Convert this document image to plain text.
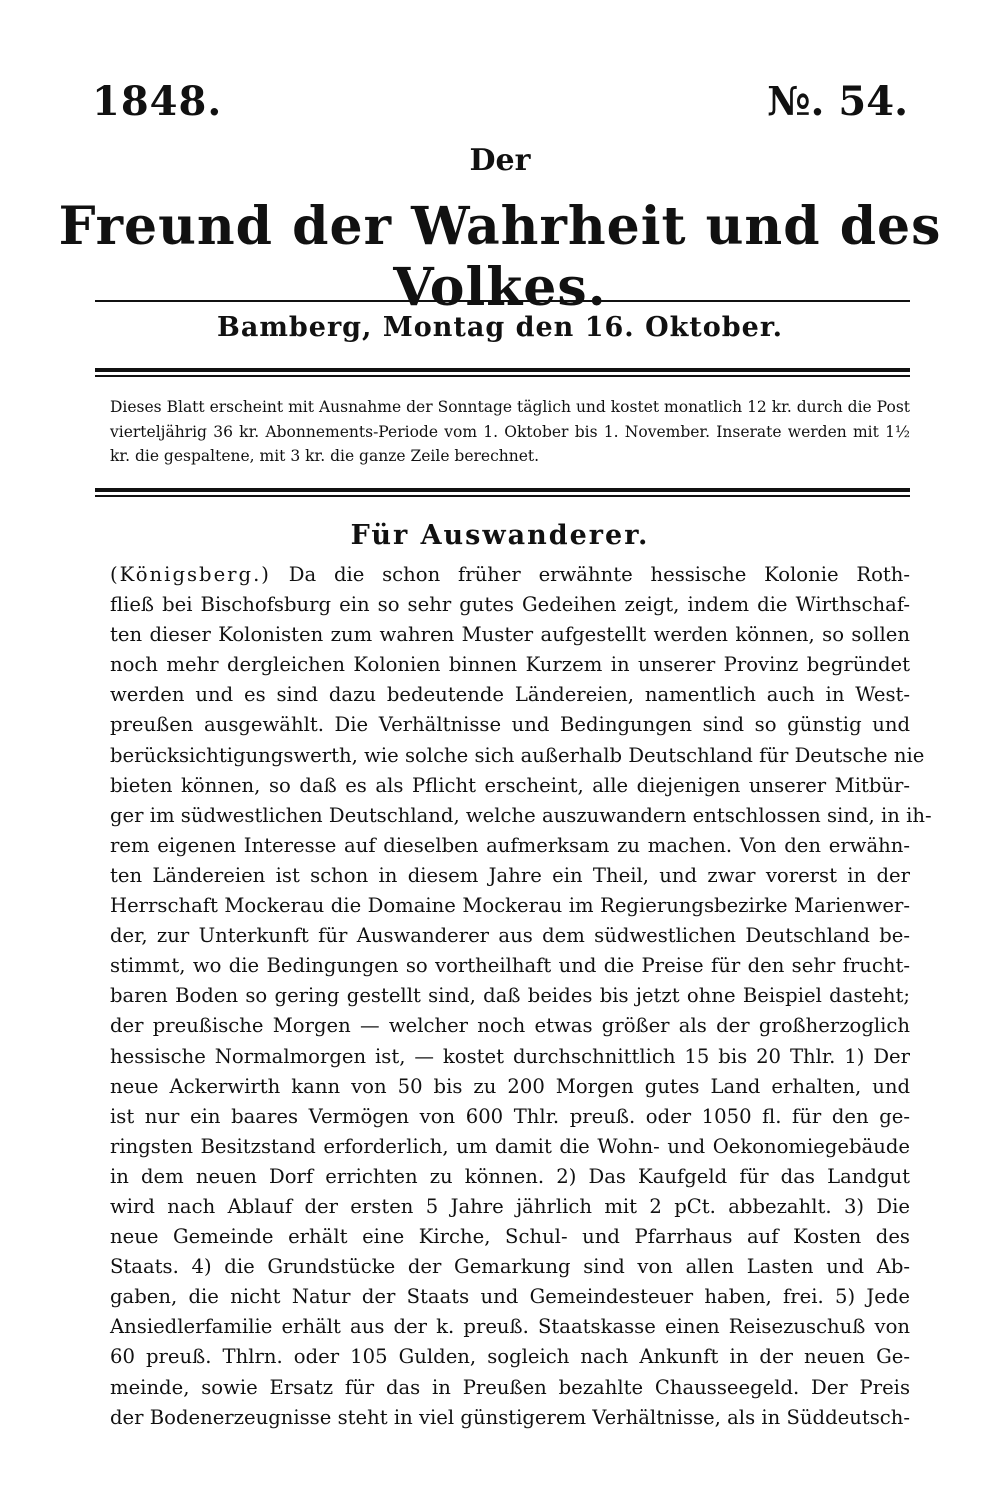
1848.	№. 54.
Der
Freund der Wahrheit und des Volkes.
Bamberg, Montag den 16. Oktober.
Dieses Blatt erscheint mit Ausnahme der Sonntage täglich und kostet monatlich 12 kr. durch die Post vierteljährig 36 kr. Abonnements-Periode vom 1. Oktober bis 1. November. Inserate werden mit 1½ kr. die gespaltene, mit 3 kr. die ganze Zeile berechnet.
Für Auswanderer.

(Königsberg.) Da die schon früher erwähnte hessische Kolonie Roth-

fließ bei Bischofsburg ein so sehr gutes Gedeihen zeigt, indem die Wirthschaf-

ten dieser Kolonisten zum wahren Muster aufgestellt werden können, so sollen

noch mehr dergleichen Kolonien binnen Kurzem in unserer Provinz begründet

werden und es sind dazu bedeutende Ländereien, namentlich auch in West-

preußen ausgewählt. Die Verhältnisse und Bedingungen sind so günstig und

berücksichtigungswerth, wie solche sich außerhalb Deutschland für Deutsche nie

bieten können, so daß es als Pflicht erscheint, alle diejenigen unserer Mitbür-

ger im südwestlichen Deutschland, welche auszuwandern entschlossen sind, in ih-

rem eigenen Interesse auf dieselben aufmerksam zu machen. Von den erwähn-

ten Ländereien ist schon in diesem Jahre ein Theil, und zwar vorerst in der

Herrschaft Mockerau die Domaine Mockerau im Regierungsbezirke Marienwer-

der, zur Unterkunft für Auswanderer aus dem südwestlichen Deutschland be-

stimmt, wo die Bedingungen so vortheilhaft und die Preise für den sehr frucht-

baren Boden so gering gestellt sind, daß beides bis jetzt ohne Beispiel dasteht;

der preußische Morgen — welcher noch etwas größer als der großherzoglich

hessische Normalmorgen ist, — kostet durchschnittlich 15 bis 20 Thlr. 1) Der

neue Ackerwirth kann von 50 bis zu 200 Morgen gutes Land erhalten, und

ist nur ein baares Vermögen von 600 Thlr. preuß. oder 1050 fl. für den ge-

ringsten Besitzstand erforderlich, um damit die Wohn- und Oekonomiegebäude

in dem neuen Dorf errichten zu können. 2) Das Kaufgeld für das Landgut

wird nach Ablauf der ersten 5 Jahre jährlich mit 2 pCt. abbezahlt. 3) Die

neue Gemeinde erhält eine Kirche, Schul- und Pfarrhaus auf Kosten des

Staats. 4) die Grundstücke der Gemarkung sind von allen Lasten und Ab-

gaben, die nicht Natur der Staats und Gemeindesteuer haben, frei. 5) Jede

Ansiedlerfamilie erhält aus der k. preuß. Staatskasse einen Reisezuschuß von

60 preuß. Thlrn. oder 105 Gulden, sogleich nach Ankunft in der neuen Ge-

meinde, sowie Ersatz für das in Preußen bezahlte Chausseegeld. Der Preis

der Bodenerzeugnisse steht in viel günstigerem Verhältnisse, als in Süddeutsch-
